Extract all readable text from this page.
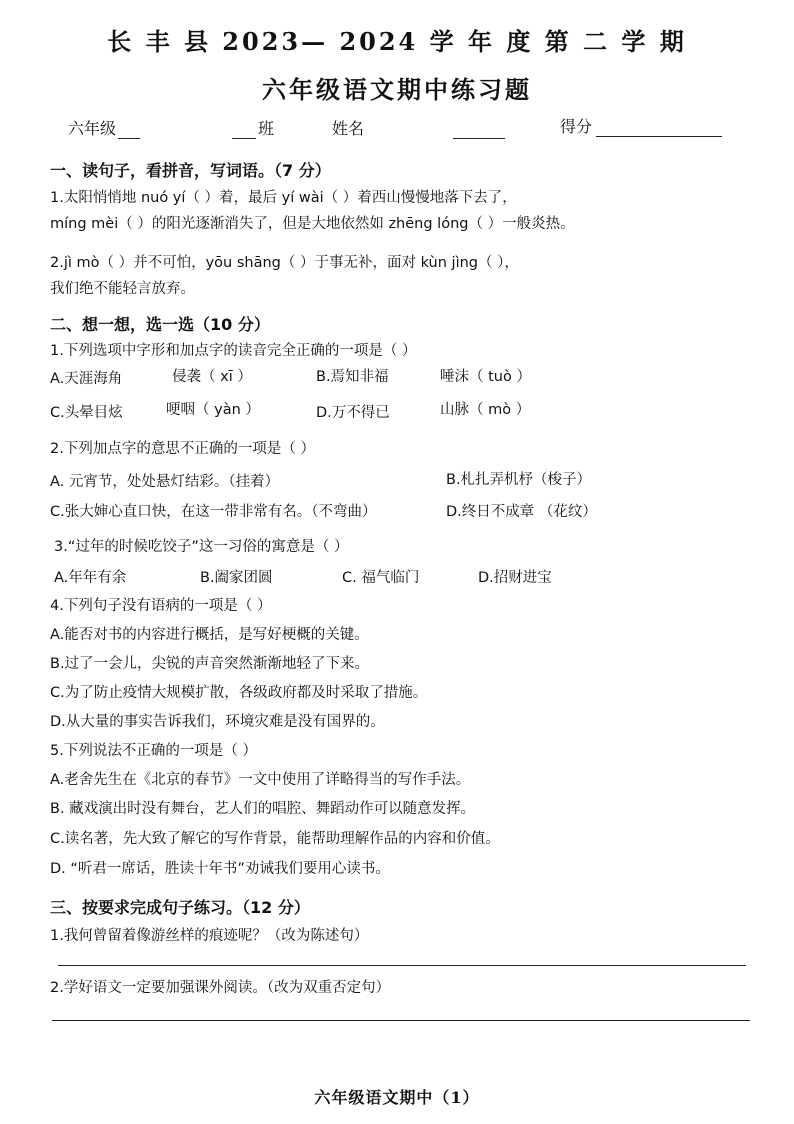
长 丰 县 2023— 2024 学 年 度 第 二 学 期
六年级语文期中练习题
六年级	班	姓名	得分
一、读句子，看拼音，写词语。（7 分）
1.太阳悄悄地 nuó yí（ ）着，最后 yí wài（ ）着西山慢慢地落下去了，
míng mèi（ ）的阳光逐渐消失了，但是大地依然如 zhēng lóng（ ）一般炎热。
2.jì mò（ ）并不可怕，yōu shāng（ ）于事无补，面对 kùn jìng（ ），
我们绝不能轻言放弃。
二、想一想，选一选（10 分）
1.下列选项中字形和加点字的读音完全正确的一项是（ ）
A.天涯海角	侵袭（ xī ）	B.焉知非福	唾沫（ tuò ）
C.头晕目炫	哽咽（ yàn ）	D.万不得已	山脉（ mò ）
2.下列加点字的意思不正确的一项是（ ）
A. 元宵节，处处悬灯结彩。（挂着）	B.札扎弄机杼（梭子）
C.张大婶心直口快，在这一带非常有名。（不弯曲）	D.终日不成章 （花纹）
3.“过年的时候吃饺子”这一习俗的寓意是（ ）
A.年年有余	B.阖家团圆	C. 福气临门	D.招财进宝
4.下列句子没有语病的一项是（ ）
A.能否对书的内容进行概括，是写好梗概的关键。
B.过了一会儿，尖锐的声音突然渐渐地轻了下来。
C.为了防止疫情大规模扩散，各级政府都及时采取了措施。
D.从大量的事实告诉我们，环境灾难是没有国界的。
5.下列说法不正确的一项是（ ）
A.老舍先生在《北京的春节》一文中使用了详略得当的写作手法。
B. 藏戏演出时没有舞台，艺人们的唱腔、舞蹈动作可以随意发挥。
C.读名著，先大致了解它的写作背景，能帮助理解作品的内容和价值。
D. “听君一席话，胜读十年书”劝诫我们要用心读书。
三、按要求完成句子练习。（12 分）
1.我何曾留着像游丝样的痕迹呢？（改为陈述句）
2.学好语文一定要加强课外阅读。（改为双重否定句）
六年级语文期中（1）
